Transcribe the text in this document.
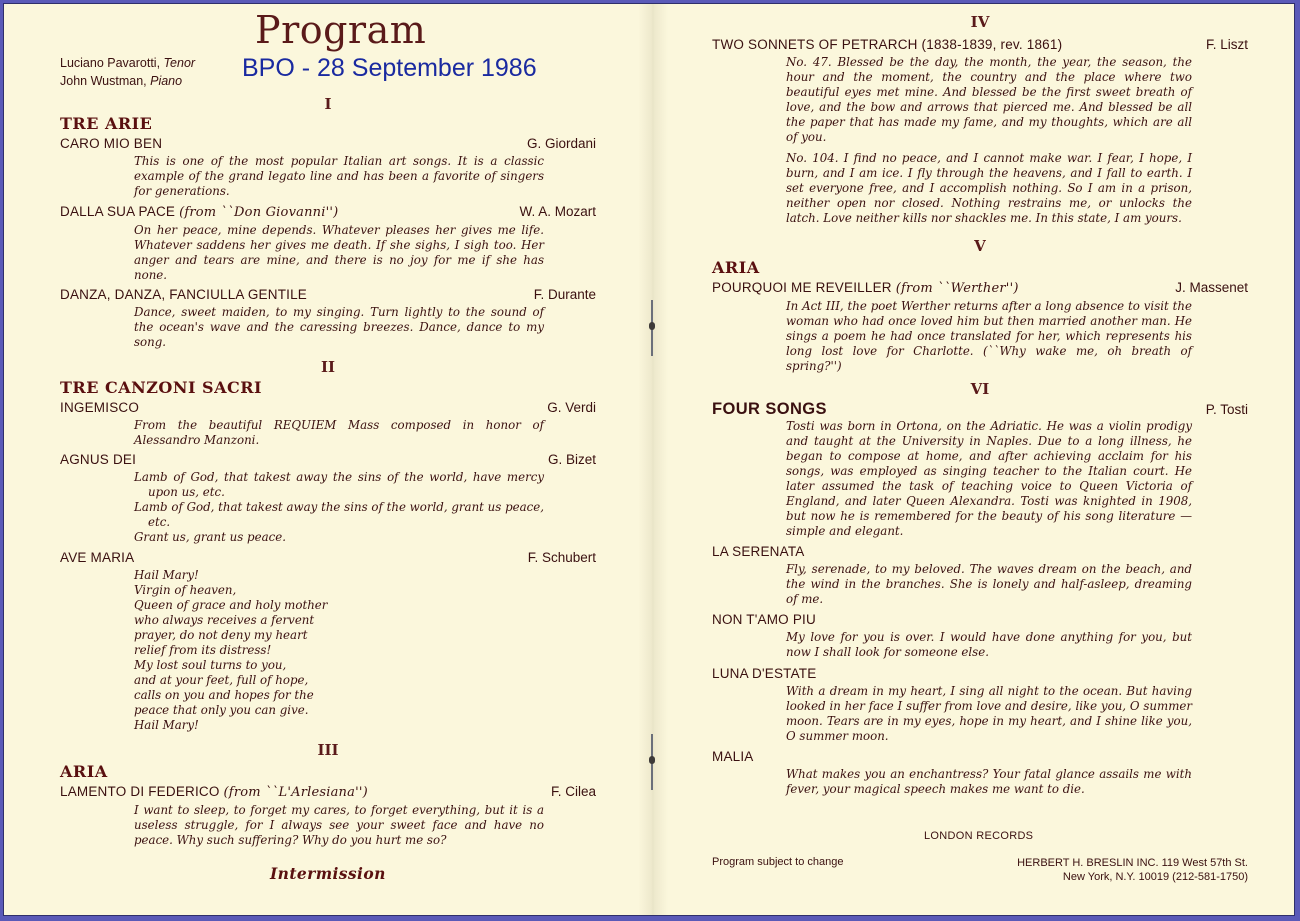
Program
Luciano Pavarotti, Tenor
John Wustman, Piano	BPO - 28 September 1986
I
TRE ARIE
CARO MIO BEN	G. Giordani
This is one of the most popular Italian art songs. It is a classic example of the grand legato line and has been a favorite of singers for generations.
DALLA SUA PACE (from ``Don Giovanni'')	W. A. Mozart
On her peace, mine depends. Whatever pleases her gives me life. Whatever saddens her gives me death. If she sighs, I sigh too. Her anger and tears are mine, and there is no joy for me if she has none.
DANZA, DANZA, FANCIULLA GENTILE	F. Durante
Dance, sweet maiden, to my singing. Turn lightly to the sound of the ocean's wave and the caressing breezes. Dance, dance to my song.
II
TRE CANZONI SACRI
INGEMISCO	G. Verdi
From the beautiful REQUIEM Mass composed in honor of Alessandro Manzoni.
AGNUS DEI	G. Bizet

Lamb of God, that takest away the sins of the world, have mercy upon us, etc.

Lamb of God, that takest away the sins of the world, grant us peace, etc.

Grant us, grant us peace.

AVE MARIA	F. Schubert
Hail Mary!
Virgin of heaven,
Queen of grace and holy mother
who always receives a fervent
prayer, do not deny my heart
relief from its distress!
My lost soul turns to you,
and at your feet, full of hope,
calls on you and hopes for the
peace that only you can give.
Hail Mary!
III
ARIA
LAMENTO DI FEDERICO (from ``L'Arlesiana'')	F. Cilea
I want to sleep, to forget my cares, to forget everything, but it is a useless struggle, for I always see your sweet face and have no peace. Why such suffering? Why do you hurt me so?
Intermission
IV
TWO SONNETS OF PETRARCH (1838-1839, rev. 1861)	F. Liszt

No. 47. Blessed be the day, the month, the year, the season, the hour and the moment, the country and the place where two beautiful eyes met mine. And blessed be the first sweet breath of love, and the bow and arrows that pierced me. And blessed be all the paper that has made my fame, and my thoughts, which are all of you.

No. 104. I find no peace, and I cannot make war. I fear, I hope, I burn, and I am ice. I fly through the heavens, and I fall to earth. I set everyone free, and I accomplish nothing. So I am in a prison, neither open nor closed. Nothing restrains me, or unlocks the latch. Love neither kills nor shackles me. In this state, I am yours.

V
ARIA
POURQUOI ME REVEILLER (from ``Werther'')	J. Massenet
In Act III, the poet Werther returns after a long absence to visit the woman who had once loved him but then married another man. He sings a poem he had once translated for her, which represents his long lost love for Charlotte. (``Why wake me, oh breath of spring?'')
VI
FOUR SONGS	P. Tosti
Tosti was born in Ortona, on the Adriatic. He was a violin prodigy and taught at the University in Naples. Due to a long illness, he began to compose at home, and after achieving acclaim for his songs, was employed as singing teacher to the Italian court. He later assumed the task of teaching voice to Queen Victoria of England, and later Queen Alexandra. Tosti was knighted in 1908, but now he is remembered for the beauty of his song literature — simple and elegant.
LA SERENATA
Fly, serenade, to my beloved. The waves dream on the beach, and the wind in the branches. She is lonely and half-asleep, dreaming of me.
NON T'AMO PIU
My love for you is over. I would have done anything for you, but now I shall look for someone else.
LUNA D'ESTATE
With a dream in my heart, I sing all night to the ocean. But having looked in her face I suffer from love and desire, like you, O summer moon. Tears are in my eyes, hope in my heart, and I shine like you, O summer moon.
MALIA
What makes you an enchantress? Your fatal glance assails me with fever, your magical speech makes me want to die.
LONDON RECORDS
Program subject to change	HERBERT H. BRESLIN INC. 119 West 57th St.
New York, N.Y. 10019 (212-581-1750)
